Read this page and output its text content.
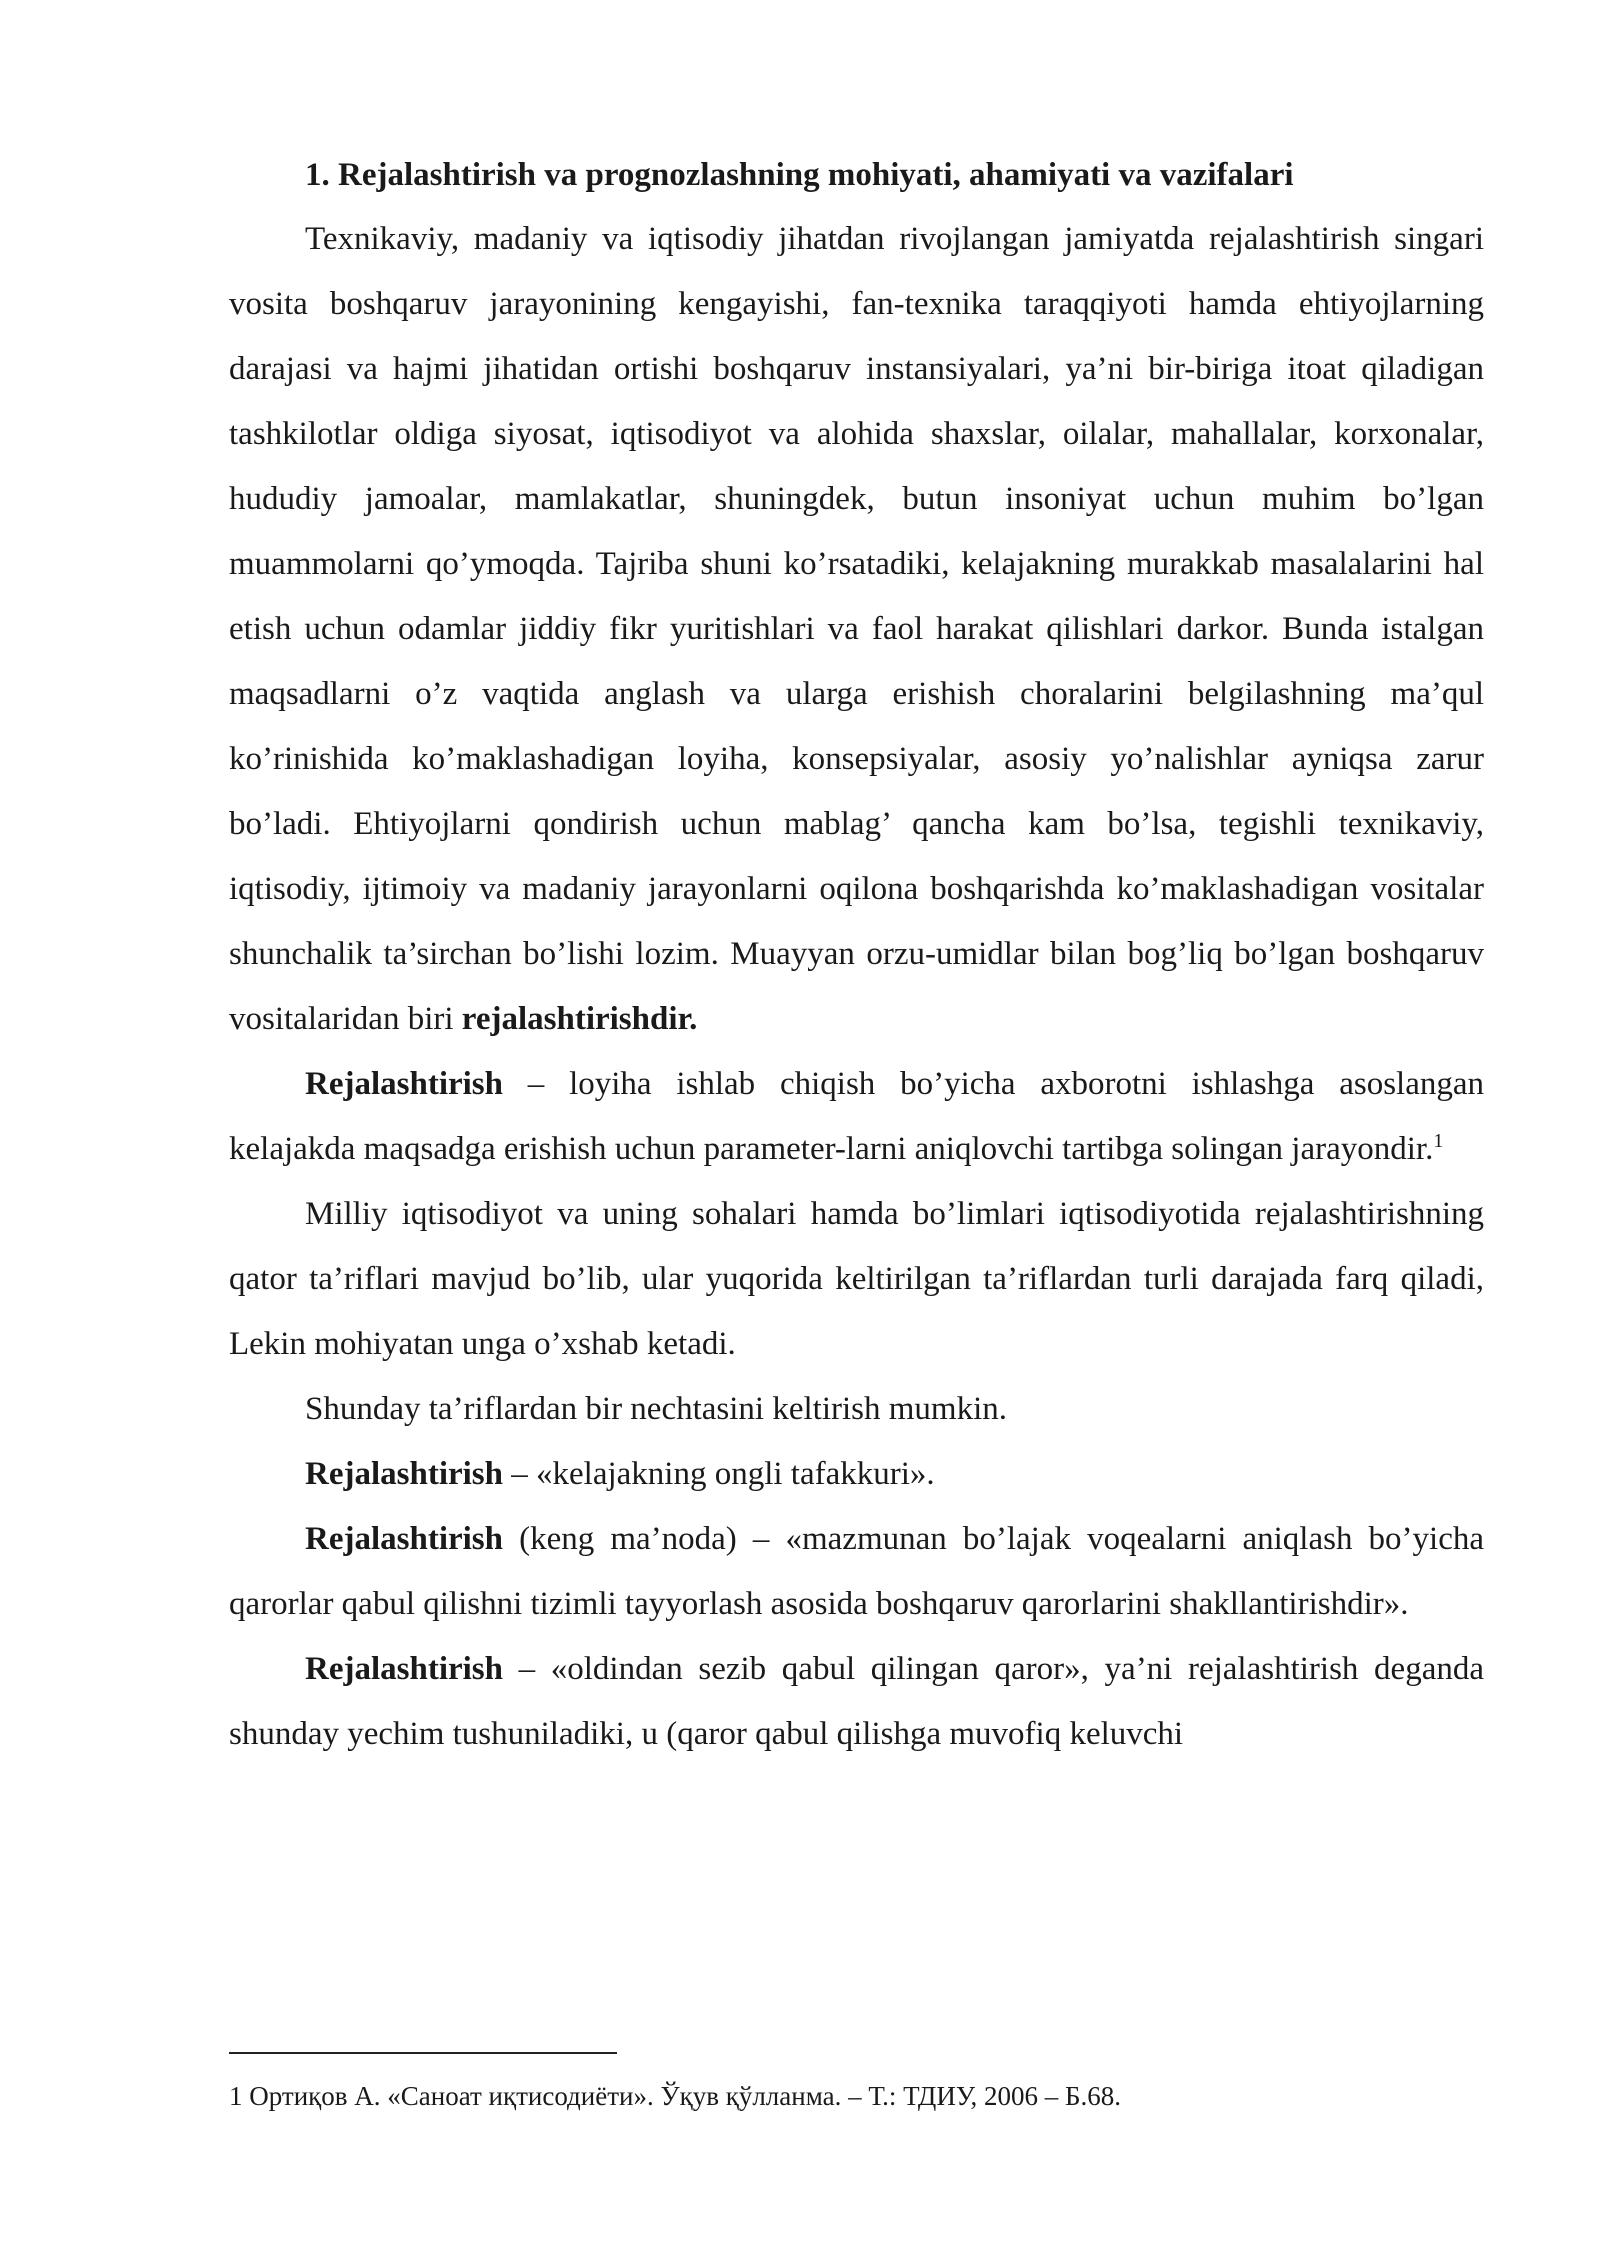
1. Rejalashtirish va prognozlashning mohiyati, ahamiyati va vazifalari

Texnikaviy, madaniy va iqtisodiy jihatdan rivojlangan jamiyatda rejalashtirish singari vosita boshqaruv jarayonining kengayishi, fan-texnika taraqqiyoti hamda ehtiyojlarning darajasi va hajmi jihatidan ortishi boshqaruv instansiyalari, ya’ni bir-biriga itoat qiladigan tashkilotlar oldiga siyosat, iqtisodiyot va alohida shaxslar, oilalar, mahallalar, korxonalar, hududiy jamoalar, mamlakatlar, shuningdek, butun insoniyat uchun muhim bo’lgan muammolarni qo’ymoqda. Tajriba shuni ko’rsatadiki, kelajakning murakkab masalalarini hal etish uchun odamlar jiddiy fikr yuritishlari va faol harakat qilishlari darkor. Bunda istalgan maqsadlarni o’z vaqtida anglash va ularga erishish choralarini belgilashning ma’qul ko’rinishida ko’maklashadigan loyiha, konsepsiyalar, asosiy yo’nalishlar ayniqsa zarur bo’ladi. Ehtiyojlarni qondirish uchun mablag’ qancha kam bo’lsa, tegishli texnikaviy, iqtisodiy, ijtimoiy va madaniy jarayonlarni oqilona boshqarishda ko’maklashadigan vositalar shunchalik ta’sirchan bo’lishi lozim. Muayyan orzu-umidlar bilan bog’liq bo’lgan boshqaruv vositalaridan biri rejalashtirishdir.

Rejalashtirish – loyiha ishlab chiqish bo’yicha axborotni ishlashga asoslangan kelajakda maqsadga erishish uchun parameter-larni aniqlovchi tartibga solingan jarayondir.$^1$

Milliy iqtisodiyot va uning sohalari hamda bo’limlari iqtisodiyotida rejalashtirishning qator ta’riflari mavjud bo’lib, ular yuqorida keltirilgan ta’riflardan turli darajada farq qiladi, Lekin mohiyatan unga o’xshab ketadi.

Shunday ta’riflardan bir nechtasini keltirish mumkin.

Rejalashtirish – «kelajakning ongli tafakkuri».

Rejalashtirish (keng ma’noda) – «mazmunan bo’lajak voqealarni aniqlash bo’yicha qarorlar qabul qilishni tizimli tayyorlash asosida boshqaruv qarorlarini shakllantirishdir».

Rejalashtirish – «oldindan sezib qabul qilingan qaror», ya’ni rejalashtirish deganda shunday yechim tushuniladiki, u (qaror qabul qilishga muvofiq keluvchi

1 Ортиқов А. «Саноат иқтисодиёти». Ўқув қўлланма. – Т.: ТДИУ, 2006 – Б.68.
